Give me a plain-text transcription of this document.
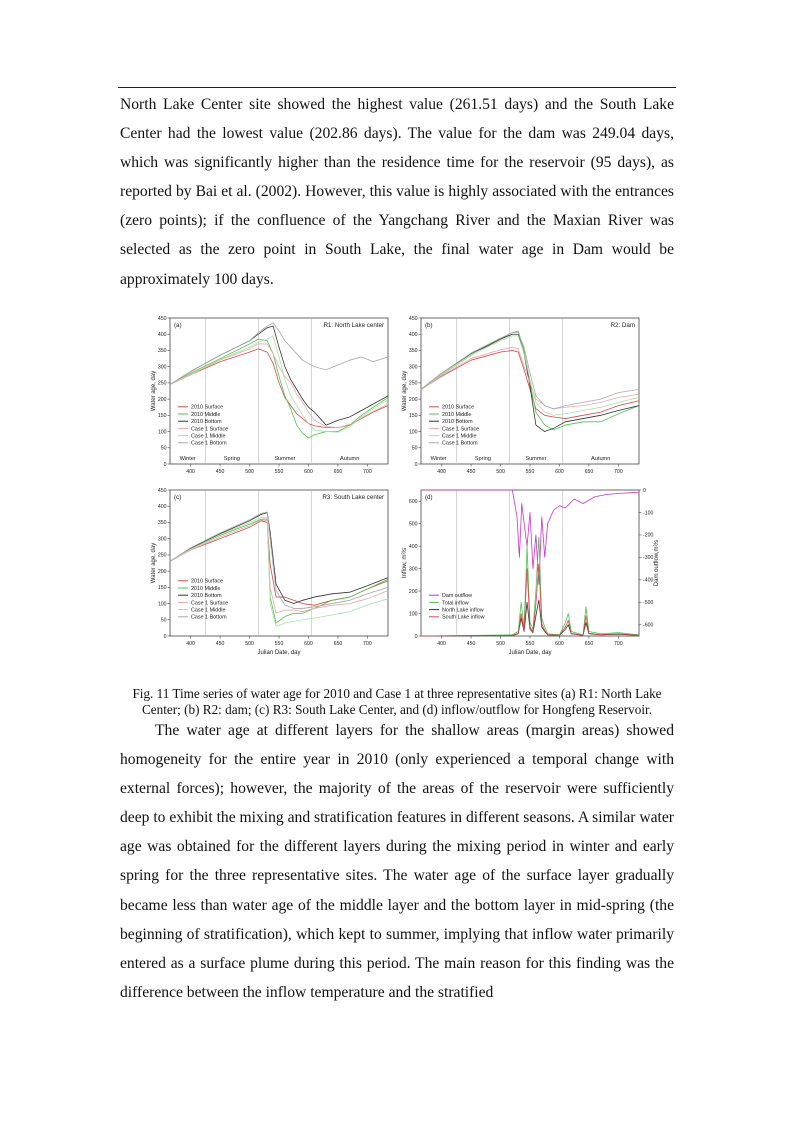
North Lake Center site showed the highest value (261.51 days) and the South Lake Center had the lowest value (202.86 days). The value for the dam was 249.04 days, which was significantly higher than the residence time for the reservoir (95 days), as reported by Bai et al. (2002). However, this value is highly associated with the entrances (zero points); if the confluence of the Yangchang River and the Maxian River was selected as the zero point in South Lake, the final water age in Dam would be approximately 100 days.

400	450	500	550	600	650	700
0
50
100
150
200
250
300
350
400
450
Water age, day
(a)	R1: North Lake center
Winter	Spring	Summer	Autumn
2010 Surface
2010 Middle
2010 Bottom
Case 1 Surface
Case 1 Middle
Case 1 Bottom
400	450	500	550	600	650	700
0
50
100
150
200
250
300
350
400
450
Water age, day
(b)	R2: Dam
Winter	Spring	Summer	Autumn
2010 Surface
2010 Middle
2010 Bottom
Case 1 Surface
Case 1 Middle
Case 1 Bottom
400	450	500	550	600	650	700
0
50
100
150
200
250
300
350
400
450
Water age, day
Julian Date, day
(c)	R3: South Lake center
2010 Surface
2010 Middle
2010 Bottom
Case 1 Surface
Case 1 Middle
Case 1 Bottom
400	450	500	550	600	650	700
0
100
200
300
400
500
600
0
-100
-200
-300
-400
-500
-600
Inflow, m³/s	Dam outflow,m³/s
Julian Date, day
(d)
Dam outflow
Total inflow
North Lake inflow
South Lake inflow

Fig. 11 Time series of water age for 2010 and Case 1 at three representative sites (a) R1: North Lake Center; (b) R2: dam; (c) R3: South Lake Center, and (d) inflow/outflow for Hongfeng Reservoir.

The water age at different layers for the shallow areas (margin areas) showed homogeneity for the entire year in 2010 (only experienced a temporal change with external forces); however, the majority of the areas of the reservoir were sufficiently deep to exhibit the mixing and stratification features in different seasons. A similar water age was obtained for the different layers during the mixing period in winter and early spring for the three representative sites. The water age of the surface layer gradually became less than water age of the middle layer and the bottom layer in mid-spring (the beginning of stratification), which kept to summer, implying that inflow water primarily entered as a surface plume during this period. The main reason for this finding was the difference between the inflow temperature and the stratified
